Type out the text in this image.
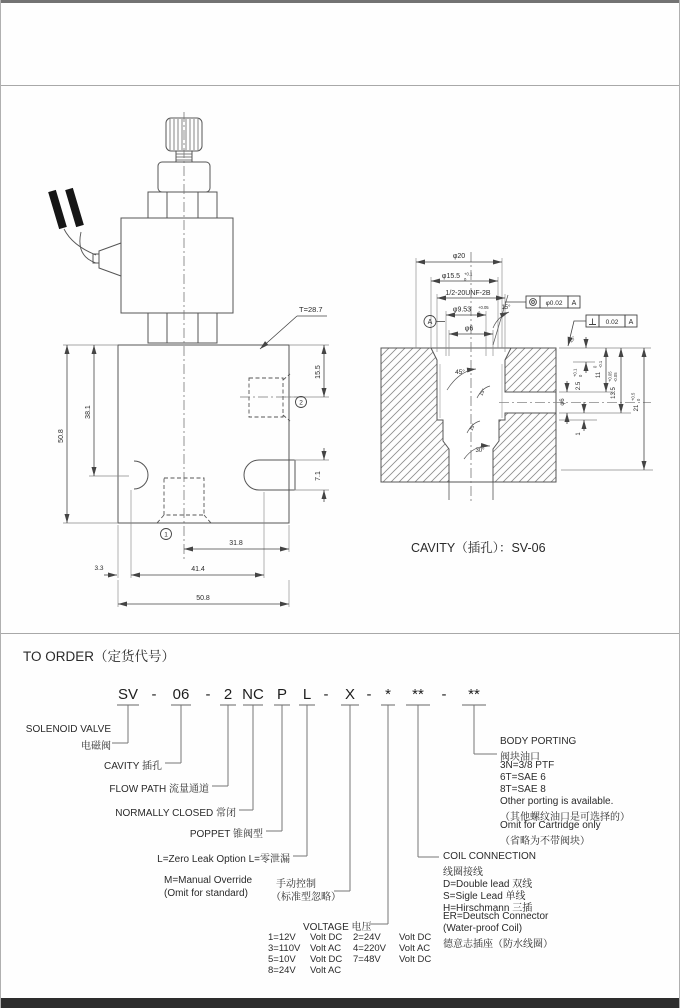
T=28.7
50.8
38.1
15.5
7.1
31.8
41.4
3.3
50.8
1
2
A
φ0.02 A
0.02 A
φ20
φ15.5 +0.1
0
1/2-20UNF-2B
φ9.53 +0.05
0
φ6
15°
45°
15°
15°
30°
15°
φ6
2.5
+0.1 0 11
0 -0.1
13.5
+0.05 -0.05
21
+0.5 0
1
CAVITY（插孔）：SV-06
TO ORDER（定货代号）
SV - 06 - 2 NC P L - X - * ** - **
SOLENOID VALVE
电磁阀
CAVITY 插孔
FLOW PATH 流量通道
NORMALLY CLOSED 常闭
POPPET 锥阀型
L=Zero Leak Option L=零泄漏
M=Manual Override
(Omit for standard)
手动控制
（标准型忽略）
VOLTAGE 电压
1=12V Volt DC 2=24V Volt DC
3=110V Volt AC 4=220V Volt AC
5=10V Volt DC 7=48V Volt DC
8=24V Volt AC
COIL CONNECTION
线圈接线
D=Double lead 双线
S=Sigle Lead 单线
H=Hirschmann 三插
ER=Deutsch Connector
(Water-proof Coil)
德意志插座（防水线圈）
BODY PORTING
阀块油口
3N=3/8 PTF
6T=SAE 6
8T=SAE 8
Other porting is available.
（其他螺纹油口是可选择的）
Omit for Cartridge only
（省略为不带阀块）
